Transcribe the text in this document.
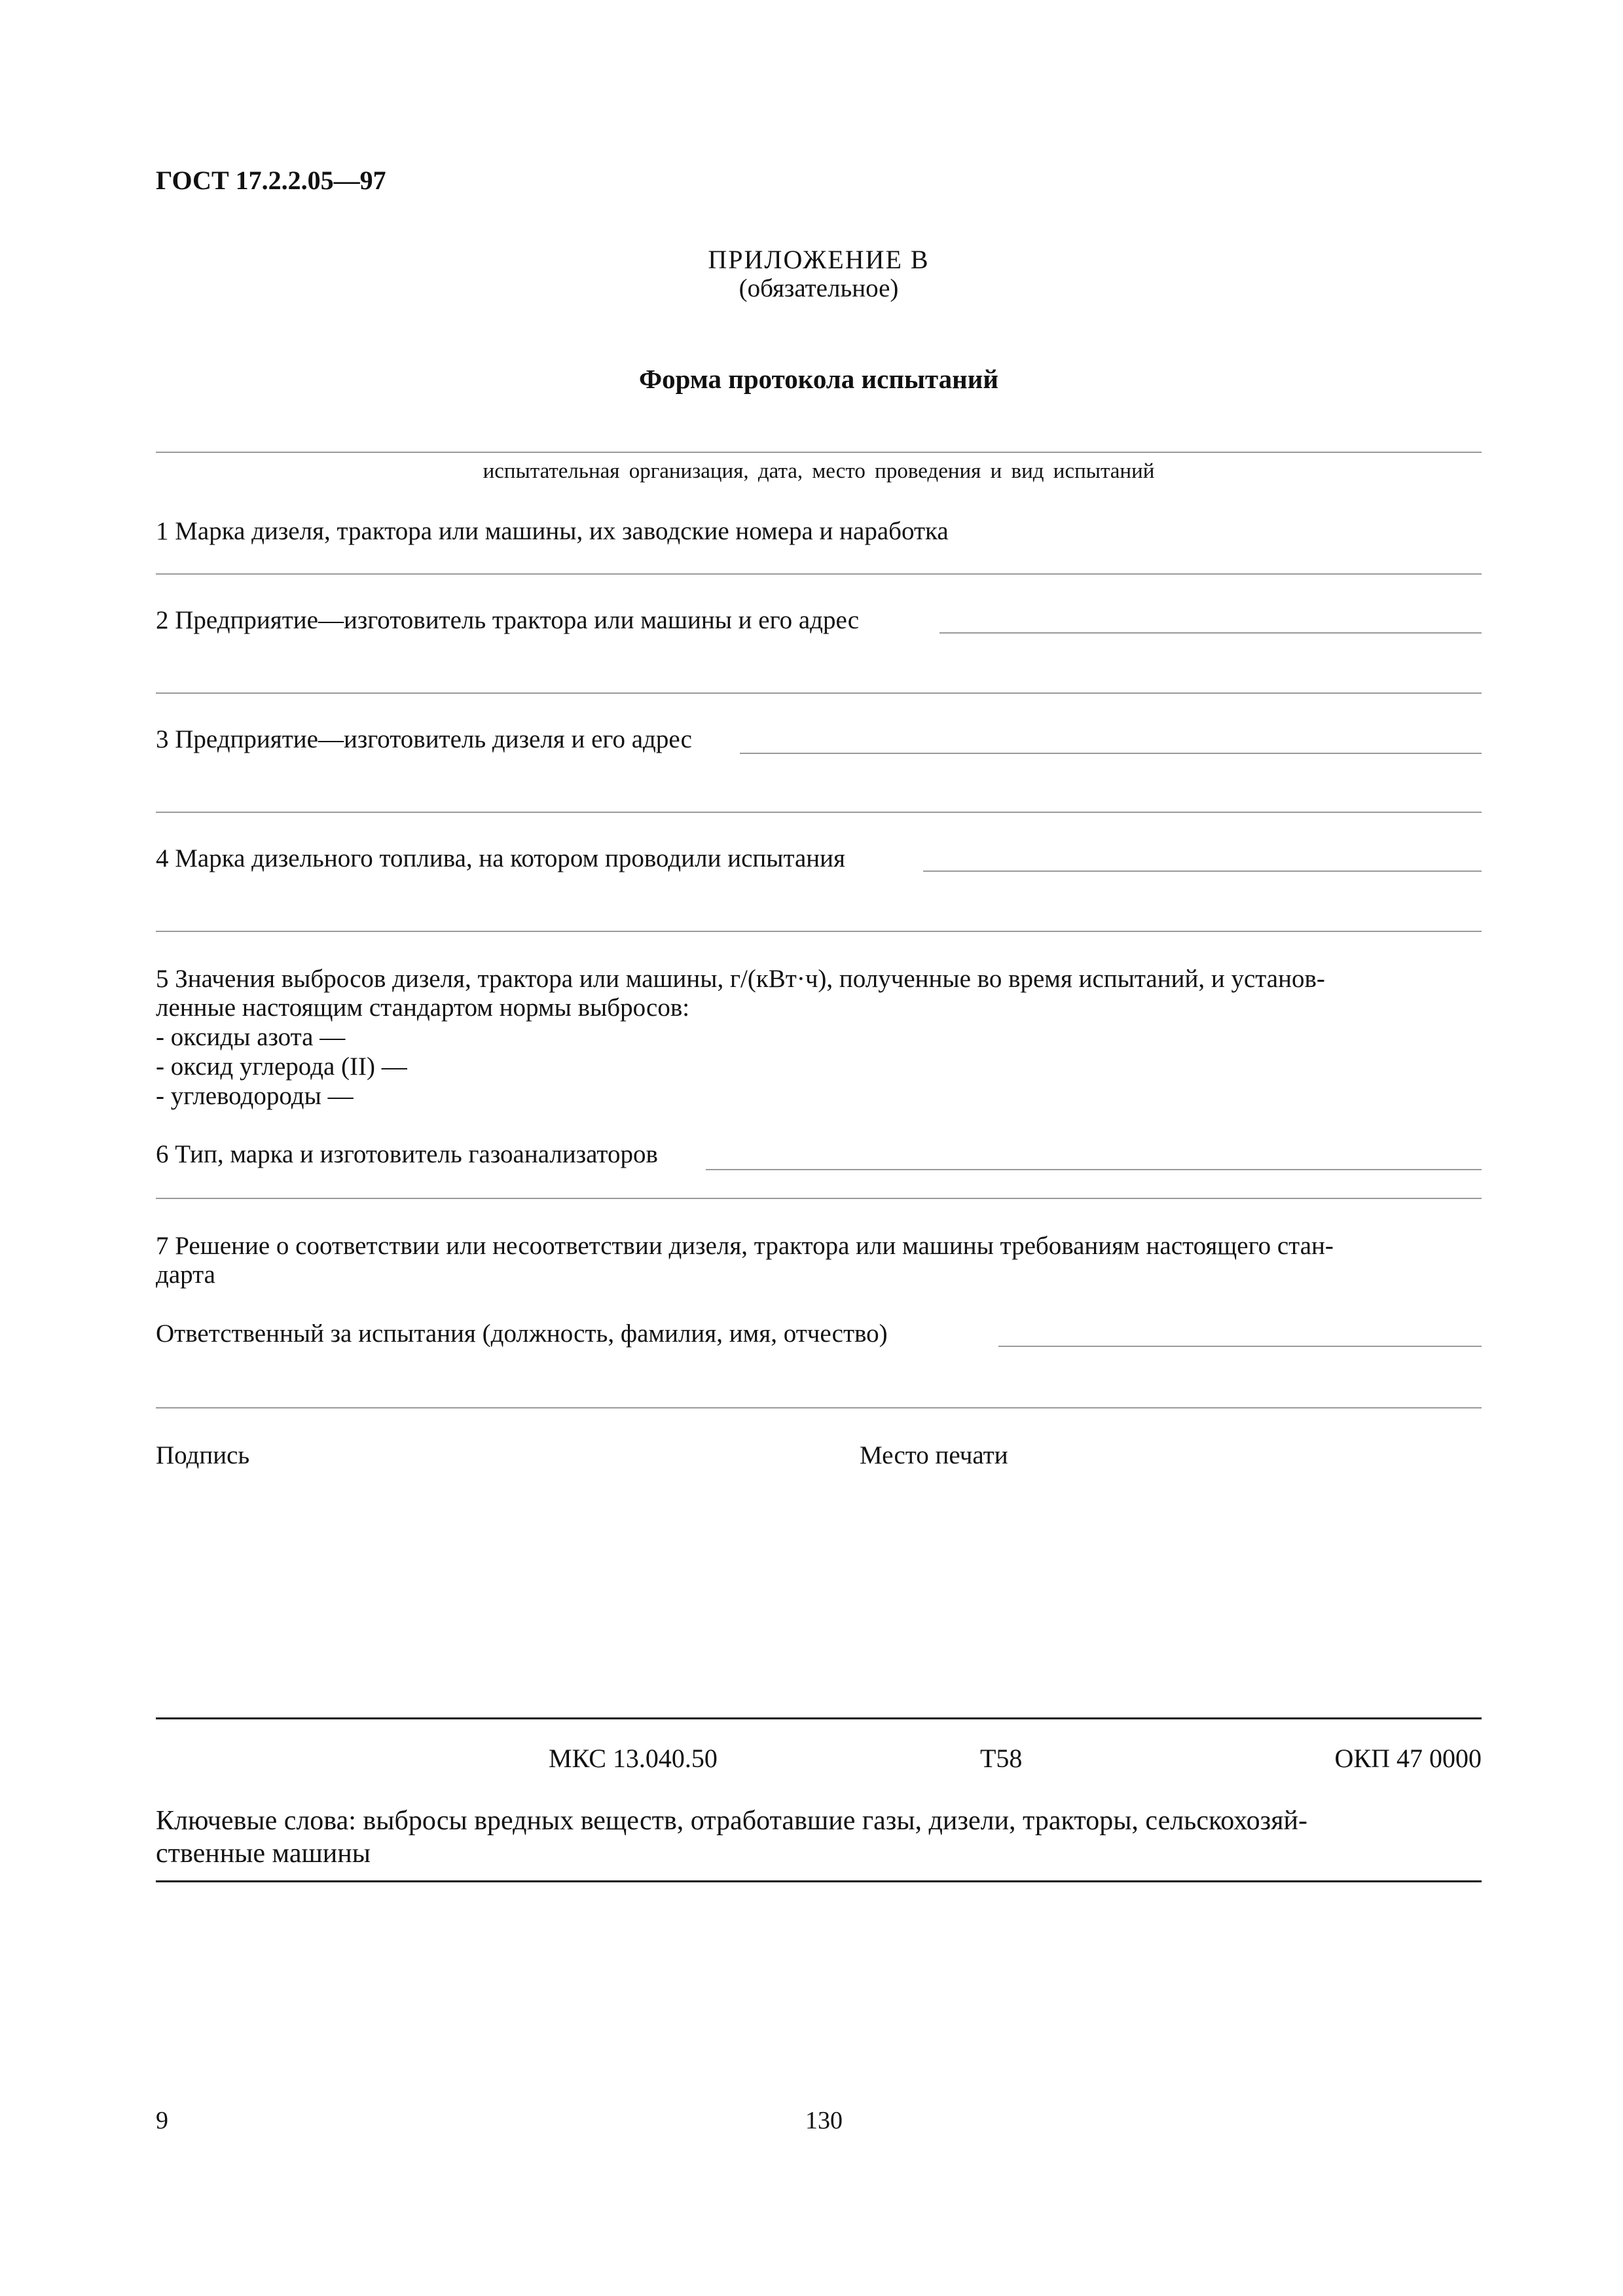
ГОСТ 17.2.2.05—97
ПРИЛОЖЕНИЕ В
(обязательное)
Форма протокола испытаний
испытательная организация, дата, место проведения и вид испытаний
1 Марка дизеля, трактора или машины, их заводские номера и наработка
2 Предприятие—изготовитель трактора или машины и его адрес
3 Предприятие—изготовитель дизеля и его адрес
4 Марка дизельного топлива, на котором проводили испытания
5 Значения выбросов дизеля, трактора или машины, г/(кВт·ч), полученные во время испытаний, и установ-
ленные настоящим стандартом нормы выбросов:
- оксиды азота —
- оксид углерода (II) —
- углеводороды —
6 Тип, марка и изготовитель газоанализаторов
7 Решение о соответствии или несоответствии дизеля, трактора или машины требованиям настоящего стан-
дарта
Ответственный за испытания (должность, фамилия, имя, отчество)
Подпись	Место печати
МКС 13.040.50	Т58	ОКП 47 0000
Ключевые слова: выбросы вредных веществ, отработавшие газы, дизели, тракторы, сельскохозяй-
ственные машины
9	130
